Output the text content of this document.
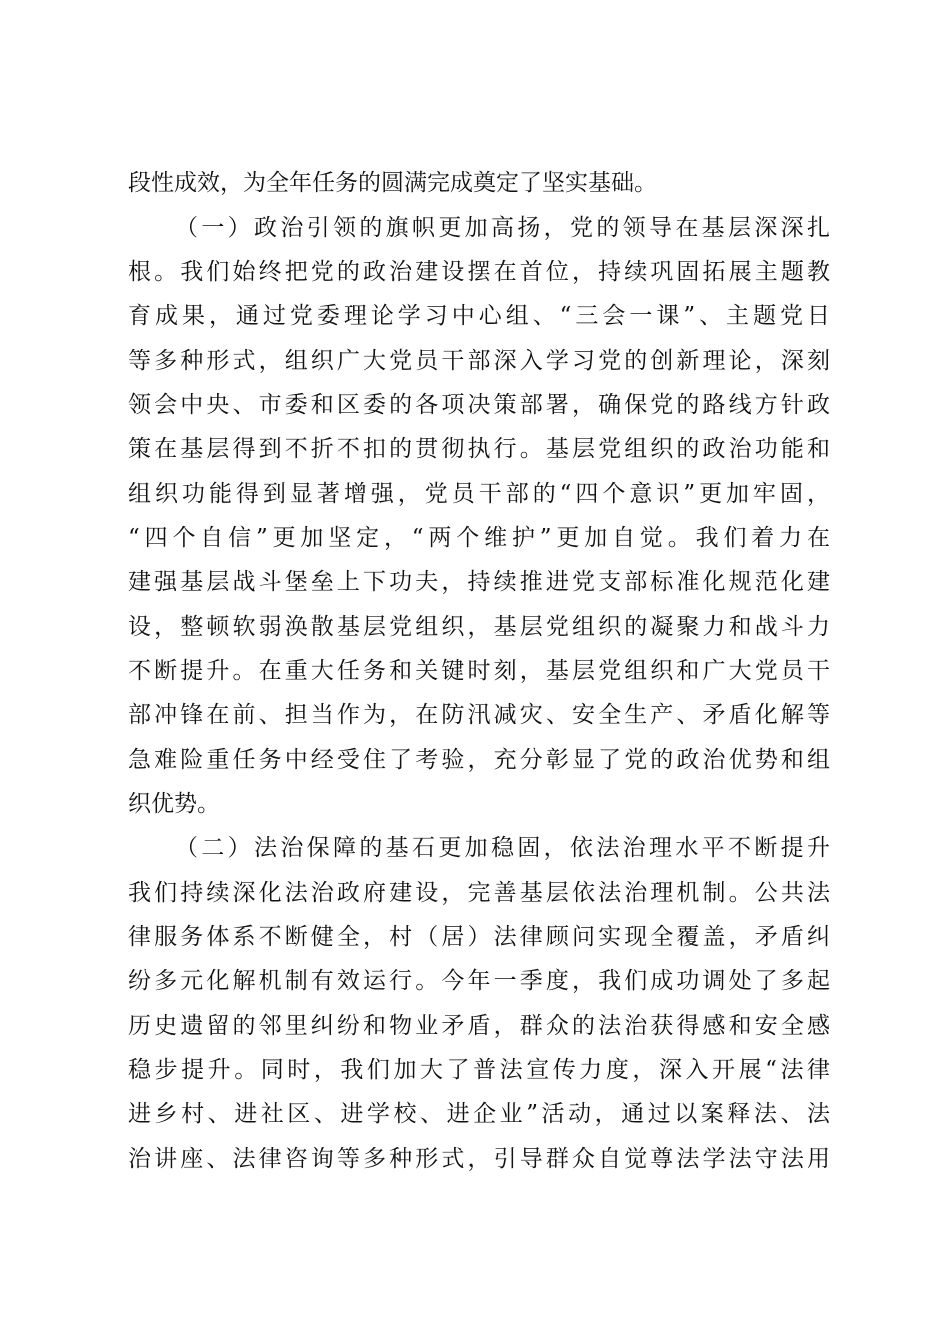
段性成效，为全年任务的圆满完成奠定了坚实基础。
（一）政治引领的旗帜更加高扬，党的领导在基层深深扎
根。我们始终把党的政治建设摆在首位，持续巩固拓展主题教
育成果，通过党委理论学习中心组、“三会一课”、主题党日
等多种形式，组织广大党员干部深入学习党的创新理论，深刻
领会中央、市委和区委的各项决策部署，确保党的路线方针政
策在基层得到不折不扣的贯彻执行。基层党组织的政治功能和
组织功能得到显著增强，党员干部的“四个意识”更加牢固，
“四个自信”更加坚定，“两个维护”更加自觉。我们着力在
建强基层战斗堡垒上下功夫，持续推进党支部标准化规范化建
设，整顿软弱涣散基层党组织，基层党组织的凝聚力和战斗力
不断提升。在重大任务和关键时刻，基层党组织和广大党员干
部冲锋在前、担当作为，在防汛减灾、安全生产、矛盾化解等
急难险重任务中经受住了考验，充分彰显了党的政治优势和组
织优势。
（二）法治保障的基石更加稳固，依法治理水平不断提升
我们持续深化法治政府建设，完善基层依法治理机制。公共法
律服务体系不断健全，村（居）法律顾问实现全覆盖，矛盾纠
纷多元化解机制有效运行。今年一季度，我们成功调处了多起
历史遗留的邻里纠纷和物业矛盾，群众的法治获得感和安全感
稳步提升。同时，我们加大了普法宣传力度，深入开展“法律
进乡村、进社区、进学校、进企业”活动，通过以案释法、法
治讲座、法律咨询等多种形式，引导群众自觉尊法学法守法用
